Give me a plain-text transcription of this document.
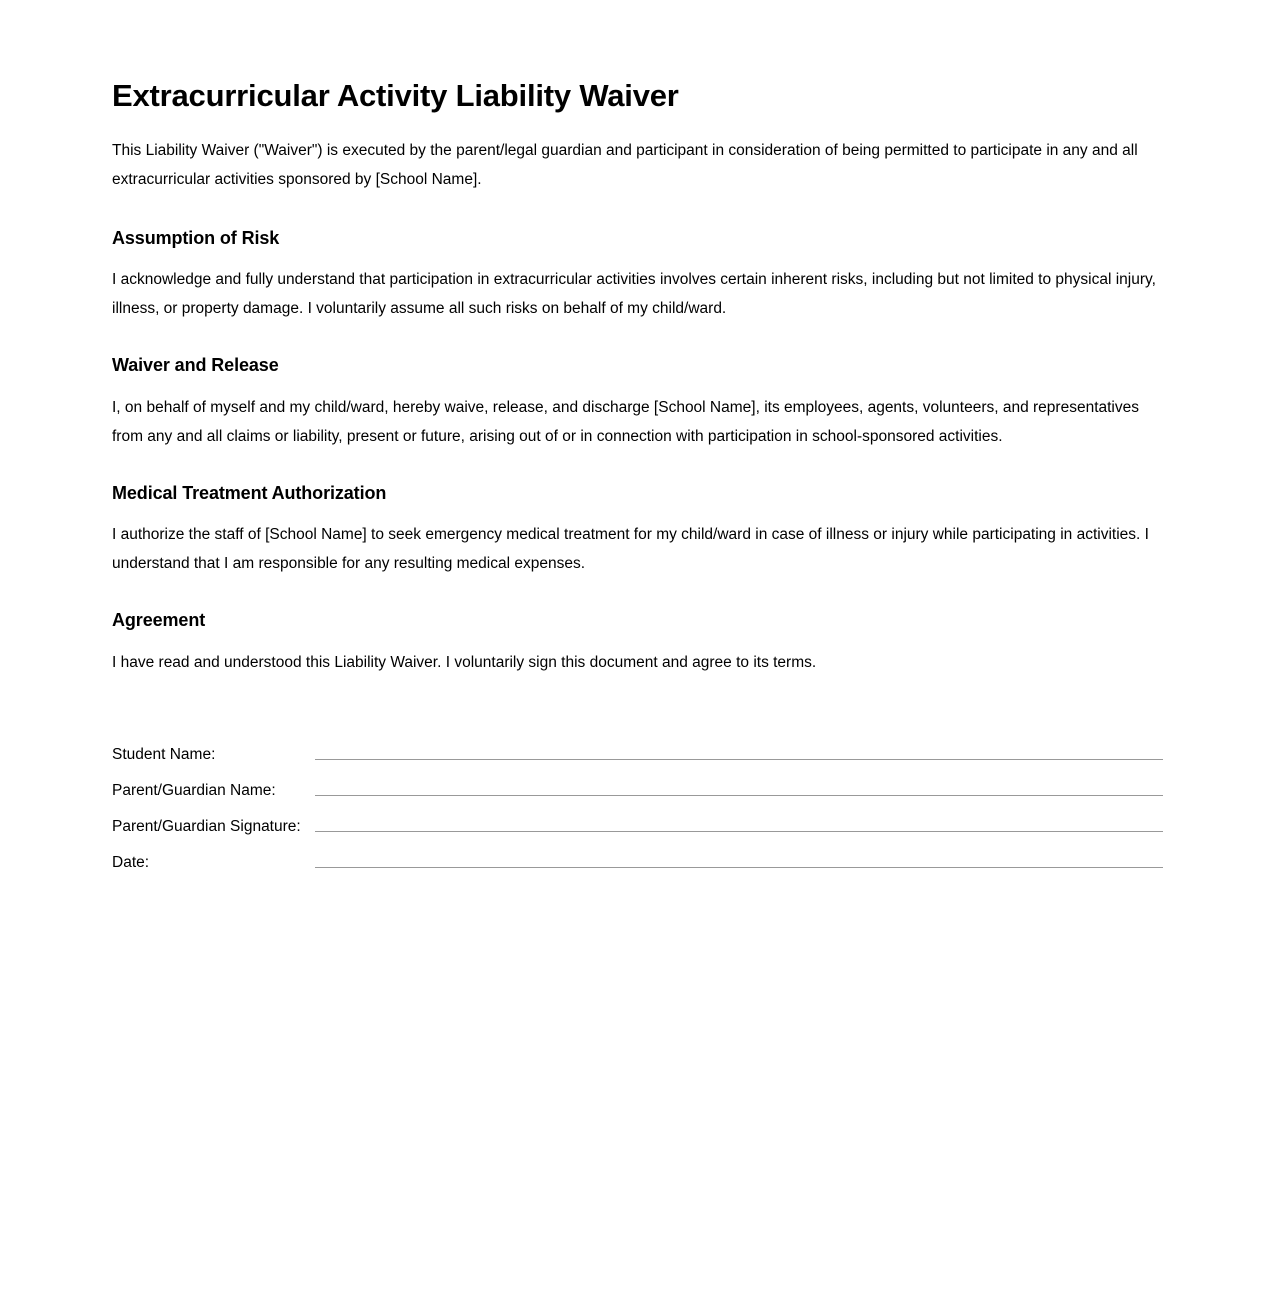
Extracurricular Activity Liability Waiver

This Liability Waiver ("Waiver") is executed by the parent/legal guardian and participant in consideration of being permitted to participate in any and all extracurricular activities sponsored by [School Name].

Assumption of Risk

I acknowledge and fully understand that participation in extracurricular activities involves certain inherent risks, including but not limited to physical injury, illness, or property damage. I voluntarily assume all such risks on behalf of my child/ward.

Waiver and Release

I, on behalf of myself and my child/ward, hereby waive, release, and discharge [School Name], its employees, agents, volunteers, and representatives from any and all claims or liability, present or future, arising out of or in connection with participation in school-sponsored activities.

Medical Treatment Authorization

I authorize the staff of [School Name] to seek emergency medical treatment for my child/ward in case of illness or injury while participating in activities. I understand that I am responsible for any resulting medical expenses.

Agreement

I have read and understood this Liability Waiver. I voluntarily sign this document and agree to its terms.

Student Name:	

Parent/Guardian Name:	

Parent/Guardian Signature:	

Date:	
